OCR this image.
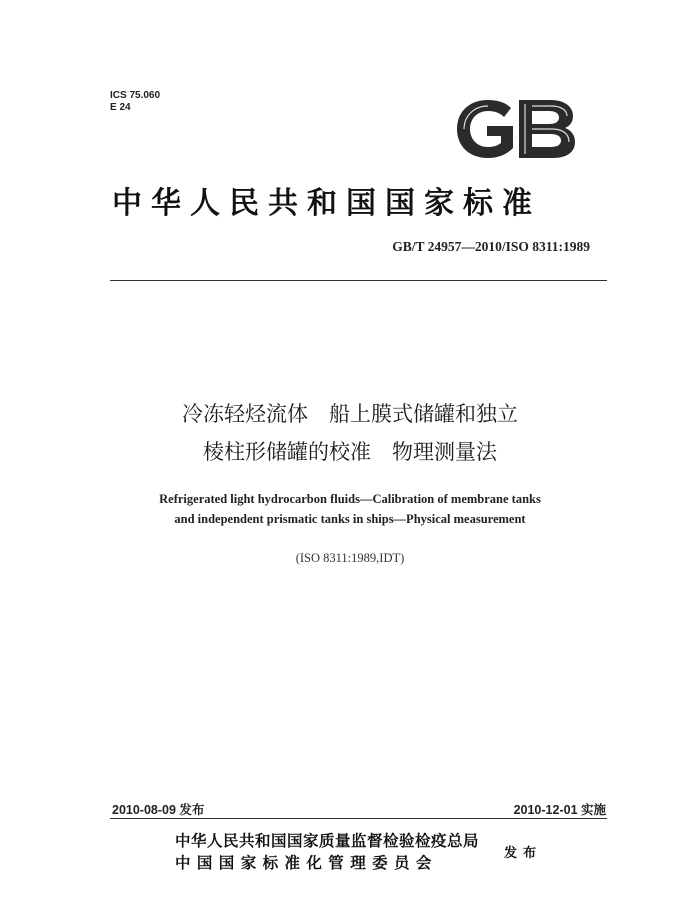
ICS 75.060
E 24
GB
中华人民共和国国家标准
GB/T 24957—2010/ISO 8311:1989
冷冻轻烃流体　船上膜式储罐和独立
棱柱形储罐的校准　物理测量法
Refrigerated light hydrocarbon fluids—Calibration of membrane tanks
and independent prismatic tanks in ships—Physical measurement
(ISO 8311:1989,IDT)
2010-08-09 发布	2010-12-01 实施
中华人民共和国国家质量监督检验检疫总局
中国国家标准化管理委员会
发布
